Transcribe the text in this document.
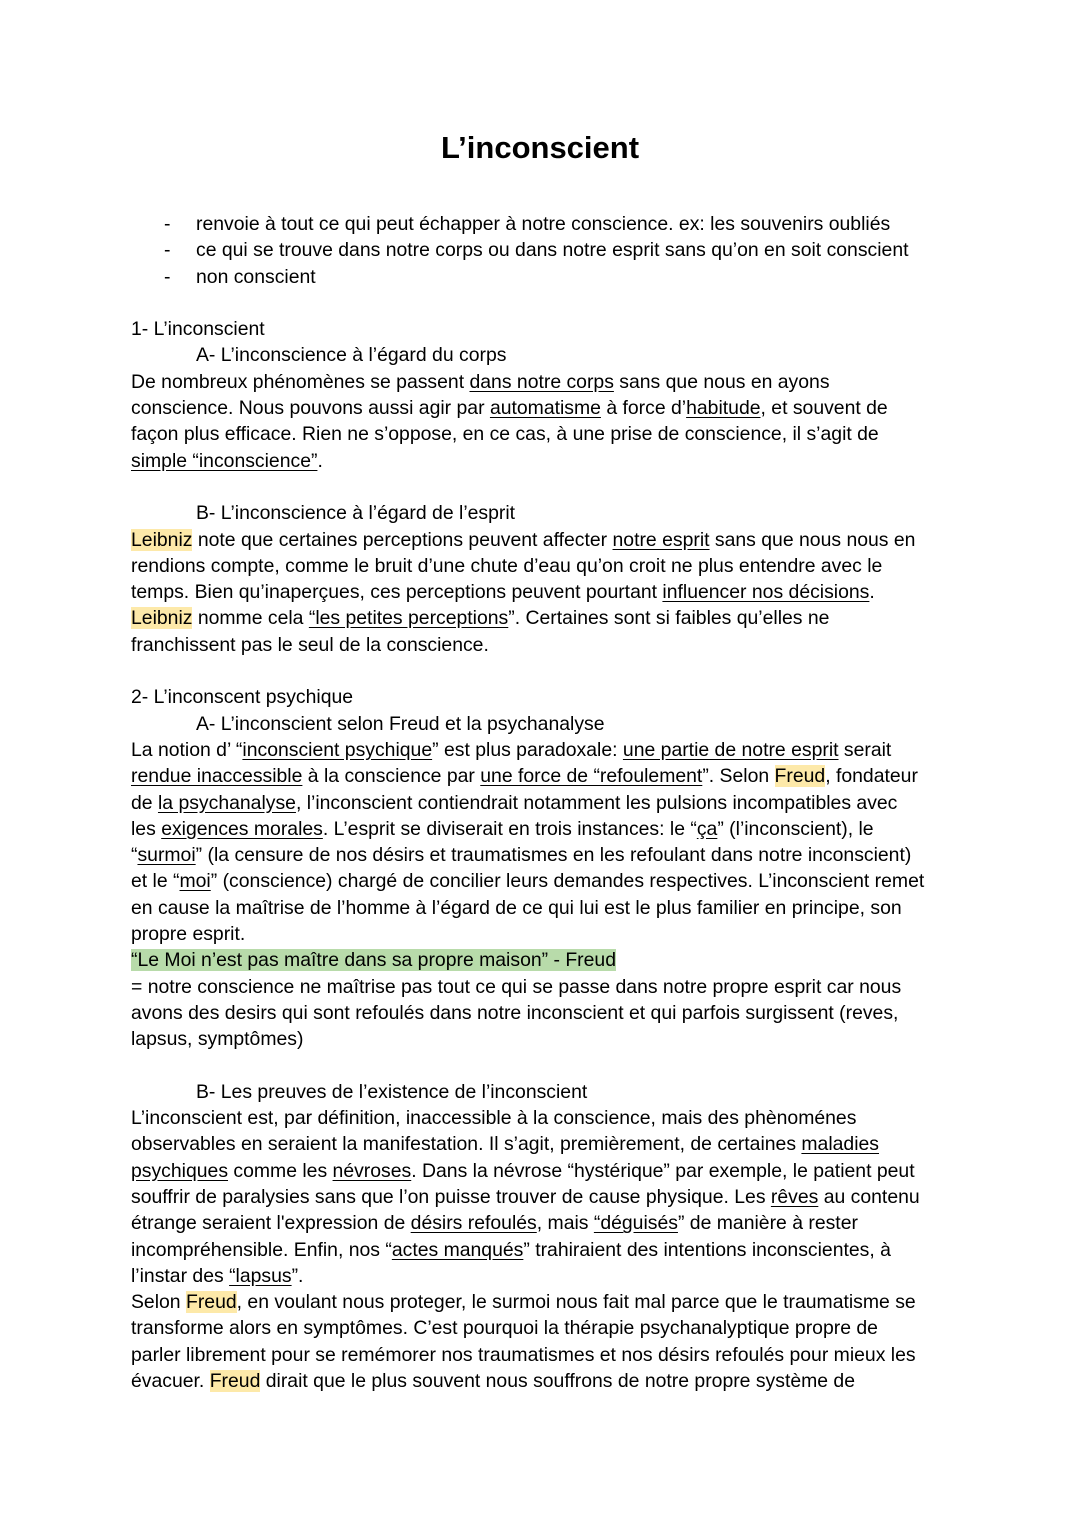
L’inconscient
- renvoie à tout ce qui peut échapper à notre conscience. ex: les souvenirs oubliés
- ce qui se trouve dans notre corps ou dans notre esprit sans qu’on en soit conscient
- non conscient
1- L’inconscient
A- L’inconscience à l’égard du corps
De nombreux phénomènes se passent dans notre corps sans que nous en ayons
conscience. Nous pouvons aussi agir par automatisme à force d’habitude, et souvent de
façon plus efficace. Rien ne s’oppose, en ce cas, à une prise de conscience, il s’agit de
simple “inconscience”.
B- L’inconscience à l’égard de l’esprit
Leibniz note que certaines perceptions peuvent affecter notre esprit sans que nous nous en
rendions compte, comme le bruit d’une chute d’eau qu’on croit ne plus entendre avec le
temps. Bien qu’inaperçues, ces perceptions peuvent pourtant influencer nos décisions.
Leibniz nomme cela “les petites perceptions”. Certaines sont si faibles qu’elles ne
franchissent pas le seul de la conscience.
2- L’inconscent psychique
A- L’inconscient selon Freud et la psychanalyse
La notion d’ “inconscient psychique” est plus paradoxale: une partie de notre esprit serait
rendue inaccessible à la conscience par une force de “refoulement”. Selon Freud, fondateur
de la psychanalyse, l’inconscient contiendrait notamment les pulsions incompatibles avec
les exigences morales. L’esprit se diviserait en trois instances: le “ça” (l’inconscient), le
“surmoi” (la censure de nos désirs et traumatismes en les refoulant dans notre inconscient)
et le “moi” (conscience) chargé de concilier leurs demandes respectives. L’inconscient remet
en cause la maîtrise de l’homme à l’égard de ce qui lui est le plus familier en principe, son
propre esprit.
“Le Moi n’est pas maître dans sa propre maison” - Freud
= notre conscience ne maîtrise pas tout ce qui se passe dans notre propre esprit car nous
avons des desirs qui sont refoulés dans notre inconscient et qui parfois surgissent (reves,
lapsus, symptômes)
B- Les preuves de l’existence de l’inconscient
L’inconscient est, par définition, inaccessible à la conscience, mais des phènoménes
observables en seraient la manifestation. Il s’agit, premièrement, de certaines maladies
psychiques comme les névroses. Dans la névrose “hystérique” par exemple, le patient peut
souffrir de paralysies sans que l’on puisse trouver de cause physique. Les rêves au contenu
étrange seraient l'expression de désirs refoulés, mais “déguisés” de manière à rester
incompréhensible. Enfin, nos “actes manqués” trahiraient des intentions inconscientes, à
l’instar des “lapsus”.
Selon Freud, en voulant nous proteger, le surmoi nous fait mal parce que le traumatisme se
transforme alors en symptômes. C’est pourquoi la thérapie psychanalyptique propre de
parler librement pour se remémorer nos traumatismes et nos désirs refoulés pour mieux les
évacuer. Freud dirait que le plus souvent nous souffrons de notre propre système de
